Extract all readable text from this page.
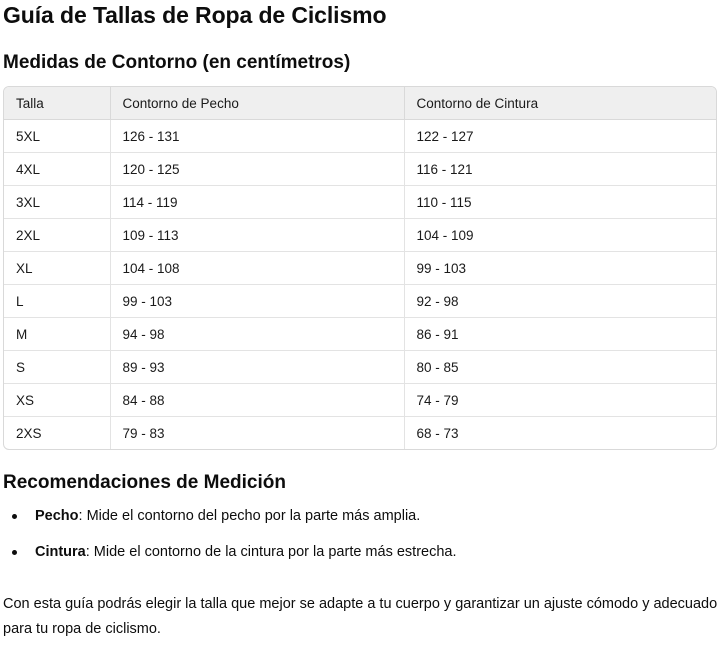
Guía de Tallas de Ropa de Ciclismo
Medidas de Contorno (en centímetros)
Talla	Contorno de Pecho	Contorno de Cintura
5XL	126 - 131	122 - 127
4XL	120 - 125	116 - 121
3XL	114 - 119	110 - 115
2XL	109 - 113	104 - 109
XL	104 - 108	99 - 103
L	99 - 103	92 - 98
M	94 - 98	86 - 91
S	89 - 93	80 - 85
XS	84 - 88	74 - 79
2XS	79 - 83	68 - 73
Recomendaciones de Medición
Pecho: Mide el contorno del pecho por la parte más amplia.
Cintura: Mide el contorno de la cintura por la parte más estrecha.

Con esta guía podrás elegir la talla que mejor se adapte a tu cuerpo y garantizar un ajuste cómodo y adecuado para tu ropa de ciclismo.
